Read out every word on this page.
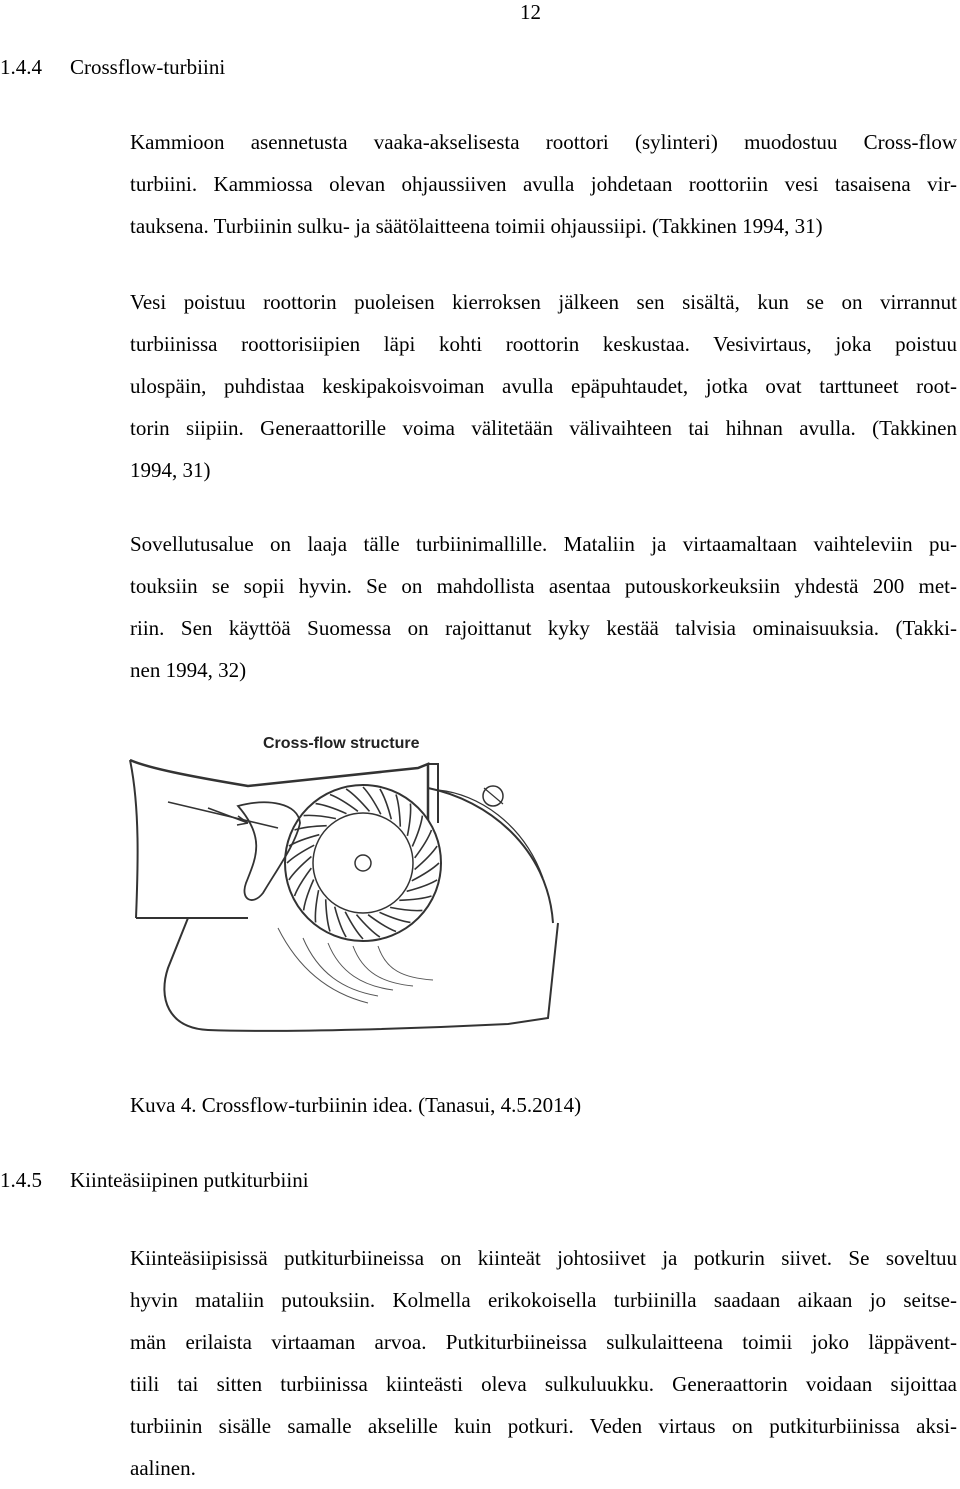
12
1.4.4 Crossflow-turbiini
Kammioon asennetusta vaaka-akselisesta roottori (sylinteri) muodostuu Cross-flow
turbiini. Kammiossa olevan ohjaussiiven avulla johdetaan roottoriin vesi tasaisena vir-
tauksena. Turbiinin sulku- ja säätölaitteena toimii ohjaussiipi. (Takkinen 1994, 31)
Vesi poistuu roottorin puoleisen kierroksen jälkeen sen sisältä, kun se on virrannut
turbiinissa roottorisiipien läpi kohti roottorin keskustaa. Vesivirtaus, joka poistuu
ulospäin, puhdistaa keskipakoisvoiman avulla epäpuhtaudet, jotka ovat tarttuneet root-
torin siipiin. Generaattorille voima välitetään välivaihteen tai hihnan avulla. (Takkinen
1994, 31)
Sovellutusalue on laaja tälle turbiinimallille. Mataliin ja virtaamaltaan vaihteleviin pu-
touksiin se sopii hyvin. Se on mahdollista asentaa putouskorkeuksiin yhdestä 200 met-
riin. Sen käyttöä Suomessa on rajoittanut kyky kestää talvisia ominaisuuksia. (Takki-
nen 1994, 32)
Cross-flow structure
Kuva 4. Crossflow-turbiinin idea. (Tanasui, 4.5.2014)
1.4.5 Kiinteäsiipinen putkiturbiini
Kiinteäsiipisissä putkiturbiineissa on kiinteät johtosiivet ja potkurin siivet. Se soveltuu
hyvin mataliin putouksiin. Kolmella erikokoisella turbiinilla saadaan aikaan jo seitse-
män erilaista virtaaman arvoa. Putkiturbiineissa sulkulaitteena toimii joko läppävent-
tiili tai sitten turbiinissa kiinteästi oleva sulkuluukku. Generaattorin voidaan sijoittaa
turbiinin sisälle samalle akselille kuin potkuri. Veden virtaus on putkiturbiinissa aksi-
aalinen.
